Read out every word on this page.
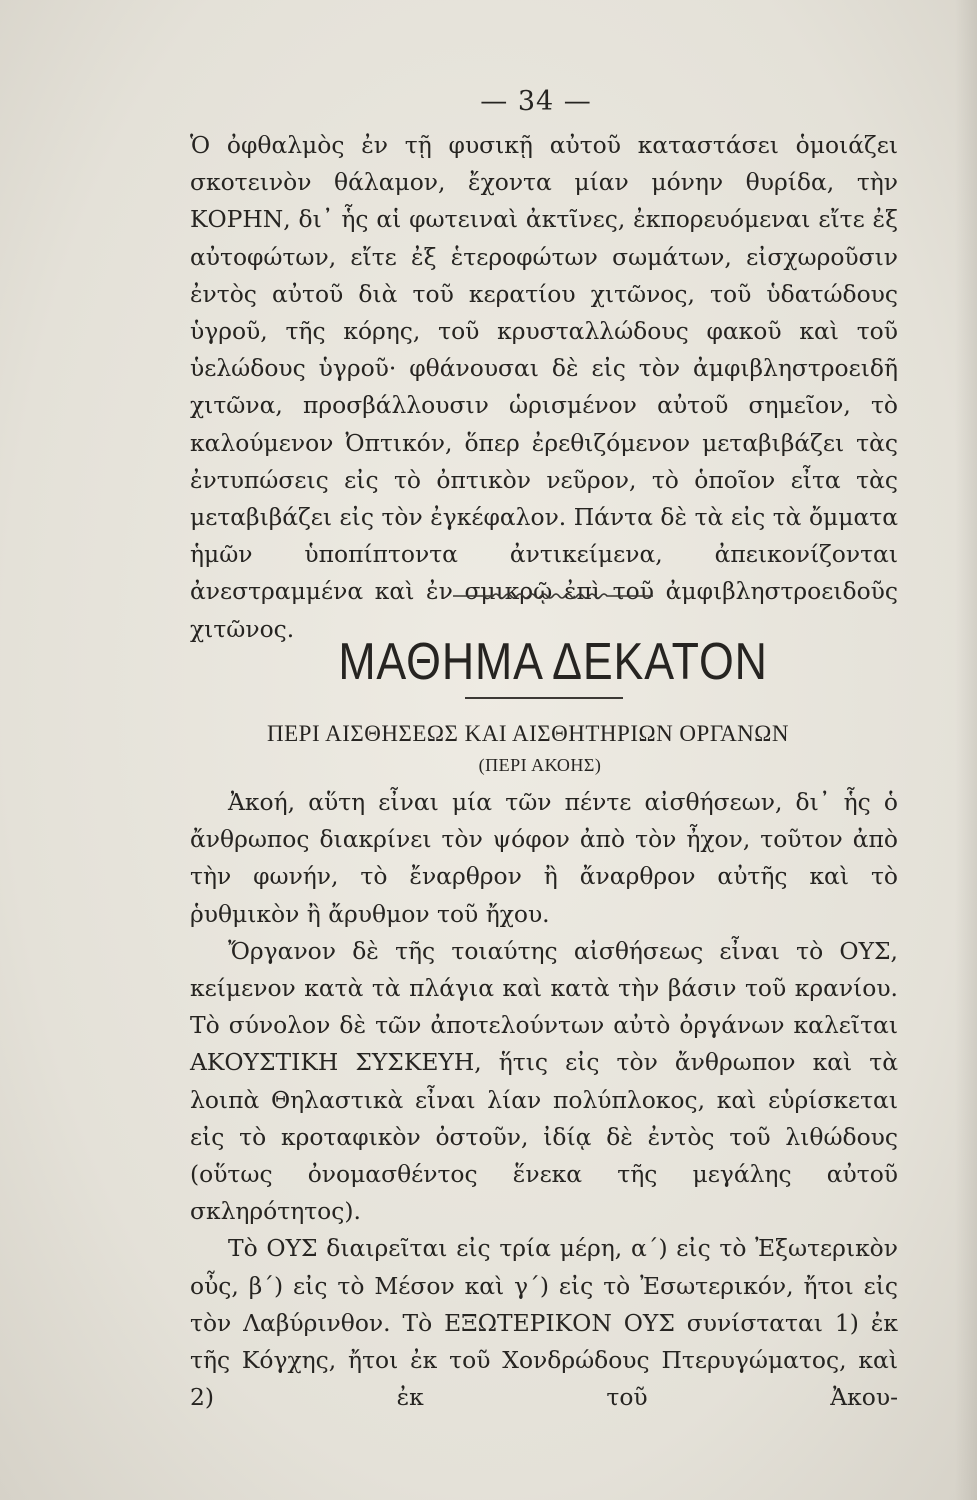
— 34 —

Ὁ ὀφθαλμὸς ἐν τῇ φυσικῇ αὐτοῦ καταστάσει ὁμοιάζει σκοτεινὸν θάλαμον, ἔχοντα μίαν μόνην θυρίδα, τὴν ΚΟΡΗΝ, δι᾽ ἧς αἱ φωτειναὶ ἀκτῖνες, ἐκπορευόμεναι εἴτε ἐξ αὐτοφώτων, εἴτε ἐξ ἑτεροφώτων σωμάτων, εἰσχωροῦσιν ἐντὸς αὐτοῦ διὰ τοῦ κερατίου χιτῶνος, τοῦ ὑδατώδους ὑγροῦ, τῆς κόρης, τοῦ κρυσταλλώδους φακοῦ καὶ τοῦ ὑελώδους ὑγροῦ· φθάνουσαι δὲ εἰς τὸν ἀμφιβληστροειδῆ χιτῶνα, προσβάλλουσιν ὡρισμένον αὐτοῦ σημεῖον, τὸ καλούμενον Ὀπτικόν, ὅπερ ἐρεθιζόμενον μεταβιβάζει τὰς ἐντυπώσεις εἰς τὸ ὀπτικὸν νεῦρον, τὸ ὁποῖον εἶτα τὰς μεταβιβάζει εἰς τὸν ἐγκέφαλον. Πάντα δὲ τὰ εἰς τὰ ὄμματα ἡμῶν ὑποπίπτοντα ἀντικείμενα, ἀπεικονίζονται ἀνεστραμμένα καὶ ἐν σμικρῷ ἐπὶ τοῦ ἀμφιβληστροειδοῦς χιτῶνος.

ΜΑΘΗΜΑ ΔΕΚΑΤΟΝ
ΠΕΡΙ ΑΙΣΘΗΣΕΩΣ ΚΑΙ ΑΙΣΘΗΤΗΡΙΩΝ ΟΡΓΑΝΩΝ
(ΠΕΡΙ ΑΚΟΗΣ)

Ἀκοή, αὕτη εἶναι μία τῶν πέντε αἰσθήσεων, δι᾽ ἧς ὁ ἄνθρωπος διακρίνει τὸν ψόφον ἀπὸ τὸν ἦχον, τοῦτον ἀπὸ τὴν φωνήν, τὸ ἔναρθρον ἢ ἄναρθρον αὐτῆς καὶ τὸ ῥυθμικὸν ἢ ἄρυθμον τοῦ ἤχου.

Ὄργανον δὲ τῆς τοιαύτης αἰσθήσεως εἶναι τὸ ΟΥΣ, κείμενον κατὰ τὰ πλάγια καὶ κατὰ τὴν βάσιν τοῦ κρανίου. Τὸ σύνολον δὲ τῶν ἀποτελούντων αὐτὸ ὀργάνων καλεῖται ΑΚΟΥΣΤΙΚΗ ΣΥΣΚΕΥΗ, ἥτις εἰς τὸν ἄνθρωπον καὶ τὰ λοιπὰ Θηλαστικὰ εἶναι λίαν πολύπλοκος, καὶ εὑρίσκεται εἰς τὸ κροταφικὸν ὀστοῦν, ἰδίᾳ δὲ ἐντὸς τοῦ λιθώδους (οὕτως ὀνομασθέντος ἕνεκα τῆς μεγάλης αὐτοῦ σκληρότητος).

Τὸ ΟΥΣ διαιρεῖται εἰς τρία μέρη, α΄) εἰς τὸ Ἐξωτερικὸν οὖς, β΄) εἰς τὸ Μέσον καὶ γ΄) εἰς τὸ Ἐσωτερικόν, ἤτοι εἰς τὸν Λαβύρινθον. Τὸ ΕΞΩΤΕΡΙΚΟΝ ΟΥΣ συνίσταται 1) ἐκ τῆς Κόγχης, ἤτοι ἐκ τοῦ Χονδρώδους Πτερυγώματος, καὶ 2) ἐκ τοῦ Ἀκου-
